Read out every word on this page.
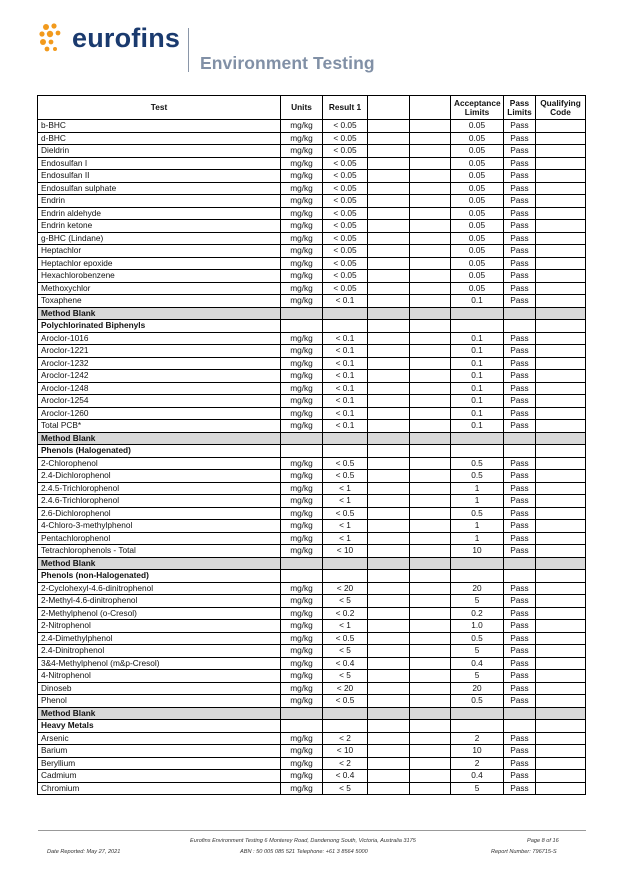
eurofins
Environment Testing
Test	Units	Result 1			Acceptance Limits	Pass Limits	Qualifying Code
b-BHC	mg/kg	< 0.05			0.05	Pass	
d-BHC	mg/kg	< 0.05			0.05	Pass	
Dieldrin	mg/kg	< 0.05			0.05	Pass	
Endosulfan I	mg/kg	< 0.05			0.05	Pass	
Endosulfan II	mg/kg	< 0.05			0.05	Pass	
Endosulfan sulphate	mg/kg	< 0.05			0.05	Pass	
Endrin	mg/kg	< 0.05			0.05	Pass	
Endrin aldehyde	mg/kg	< 0.05			0.05	Pass	
Endrin ketone	mg/kg	< 0.05			0.05	Pass	
g-BHC (Lindane)	mg/kg	< 0.05			0.05	Pass	
Heptachlor	mg/kg	< 0.05			0.05	Pass	
Heptachlor epoxide	mg/kg	< 0.05			0.05	Pass	
Hexachlorobenzene	mg/kg	< 0.05			0.05	Pass	
Methoxychlor	mg/kg	< 0.05			0.05	Pass	
Toxaphene	mg/kg	< 0.1			0.1	Pass	
Method Blank							
Polychlorinated Biphenyls							
Aroclor-1016	mg/kg	< 0.1			0.1	Pass	
Aroclor-1221	mg/kg	< 0.1			0.1	Pass	
Aroclor-1232	mg/kg	< 0.1			0.1	Pass	
Aroclor-1242	mg/kg	< 0.1			0.1	Pass	
Aroclor-1248	mg/kg	< 0.1			0.1	Pass	
Aroclor-1254	mg/kg	< 0.1			0.1	Pass	
Aroclor-1260	mg/kg	< 0.1			0.1	Pass	
Total PCB*	mg/kg	< 0.1			0.1	Pass	
Method Blank							
Phenols (Halogenated)							
2-Chlorophenol	mg/kg	< 0.5			0.5	Pass	
2.4-Dichlorophenol	mg/kg	< 0.5			0.5	Pass	
2.4.5-Trichlorophenol	mg/kg	< 1			1	Pass	
2.4.6-Trichlorophenol	mg/kg	< 1			1	Pass	
2.6-Dichlorophenol	mg/kg	< 0.5			0.5	Pass	
4-Chloro-3-methylphenol	mg/kg	< 1			1	Pass	
Pentachlorophenol	mg/kg	< 1			1	Pass	
Tetrachlorophenols - Total	mg/kg	< 10			10	Pass	
Method Blank							
Phenols (non-Halogenated)							
2-Cyclohexyl-4.6-dinitrophenol	mg/kg	< 20			20	Pass	
2-Methyl-4.6-dinitrophenol	mg/kg	< 5			5	Pass	
2-Methylphenol (o-Cresol)	mg/kg	< 0.2			0.2	Pass	
2-Nitrophenol	mg/kg	< 1			1.0	Pass	
2.4-Dimethylphenol	mg/kg	< 0.5			0.5	Pass	
2.4-Dinitrophenol	mg/kg	< 5			5	Pass	
3&4-Methylphenol (m&p-Cresol)	mg/kg	< 0.4			0.4	Pass	
4-Nitrophenol	mg/kg	< 5			5	Pass	
Dinoseb	mg/kg	< 20			20	Pass	
Phenol	mg/kg	< 0.5			0.5	Pass	
Method Blank							
Heavy Metals							
Arsenic	mg/kg	< 2			2	Pass	
Barium	mg/kg	< 10			10	Pass	
Beryllium	mg/kg	< 2			2	Pass	
Cadmium	mg/kg	< 0.4			0.4	Pass	
Chromium	mg/kg	< 5			5	Pass	
Eurofins Environment Testing 6 Monterey Road, Dandenong South, Victoria, Australia 3175	Page 8 of 16
Date Reported: May 27, 2021	ABN : 50 005 085 521 Telephone: +61 3 8564 5000	Report Number: 796715-S
